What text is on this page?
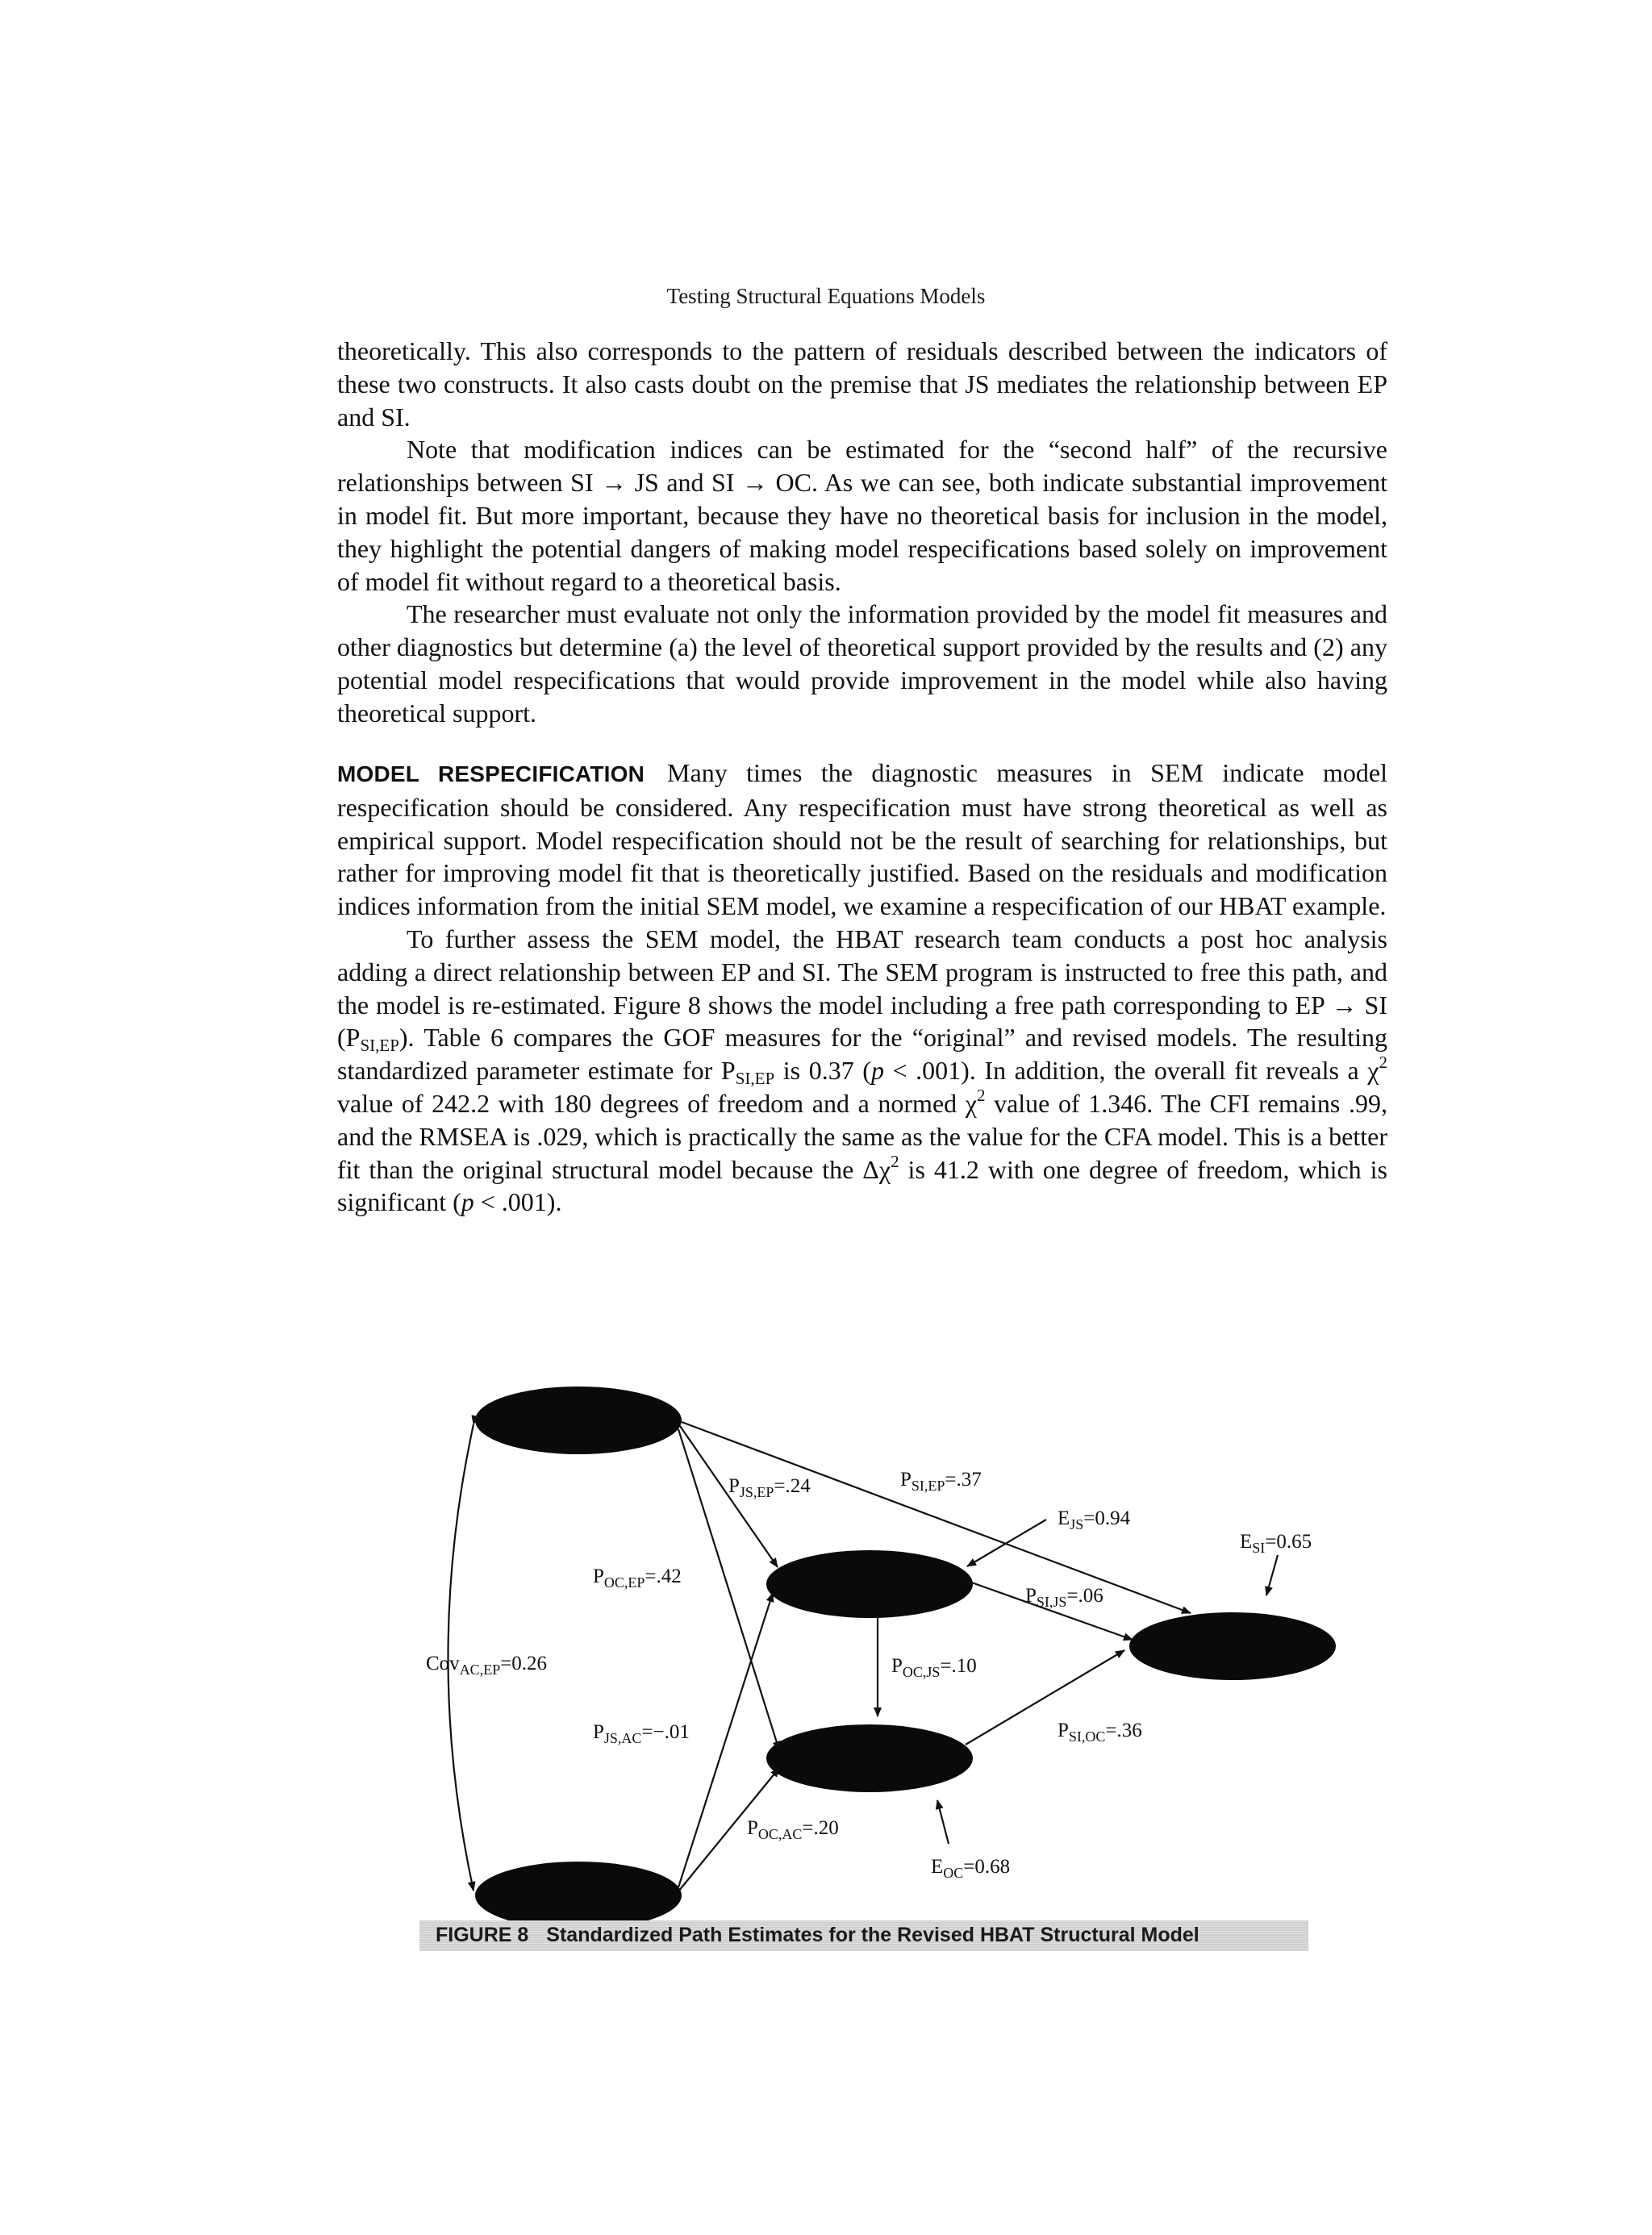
Testing Structural Equations Models

theoretically. This also corresponds to the pattern of residuals described between the indicators of these two constructs. It also casts doubt on the premise that JS mediates the relationship between EP and SI.

Note that modification indices can be estimated for the “second half” of the recursive relationships between SI → JS and SI → OC. As we can see, both indicate substantial improvement in model fit. But more important, because they have no theoretical basis for inclusion in the model, they highlight the potential dangers of making model respecifications based solely on improvement of model fit without regard to a theoretical basis.

The researcher must evaluate not only the information provided by the model fit measures and other diagnostics but determine (a) the level of theoretical support provided by the results and (2) any potential model respecifications that would provide improvement in the model while also having theoretical support.

MODEL RESPECIFICATION Many times the diagnostic measures in SEM indicate model respecification should be considered. Any respecification must have strong theoretical as well as empirical support. Model respecification should not be the result of searching for relationships, but rather for improving model fit that is theoretically justified. Based on the residuals and modification indices information from the initial SEM model, we examine a respecification of our HBAT example.

To further assess the SEM model, the HBAT research team conducts a post hoc analysis adding a direct relationship between EP and SI. The SEM program is instructed to free this path, and the model is re-estimated. Figure 8 shows the model including a free path corresponding to EP → SI $(P_{SI,EP})$. Table 6 compares the GOF measures for the “original” and revised models. The resulting standardized parameter estimate for $P_{SI,EP}$ is 0.37 (p < .001). In addition, the overall fit reveals a $\chi^2$ value of 242.2 with 180 degrees of freedom and a normed $\chi^2$ value of 1.346. The CFI remains .99, and the RMSEA is .029, which is practically the same as the value for the CFA model. This is a better fit than the original structural model because the $\Delta\chi^2$ is 41.2 with one degree of freedom, which is significant (p < .001).

$P_{JS,EP}=.24$	$P_{SI,EP}=.37$
$E_{JS}=0.94$
$E_{SI}=0.65$
$P_{OC,EP}=.42$
$P_{SI,JS}=.06$
Cov$_{AC,EP}$=0.26	$P_{OC,JS}=.10$
$P_{JS,AC}=-.01$	$P_{SI,OC}=.36$
$P_{OC,AC}=.20$
$E_{OC}=0.68$
FIGURE 8 Standardized Path Estimates for the Revised HBAT Structural Model
